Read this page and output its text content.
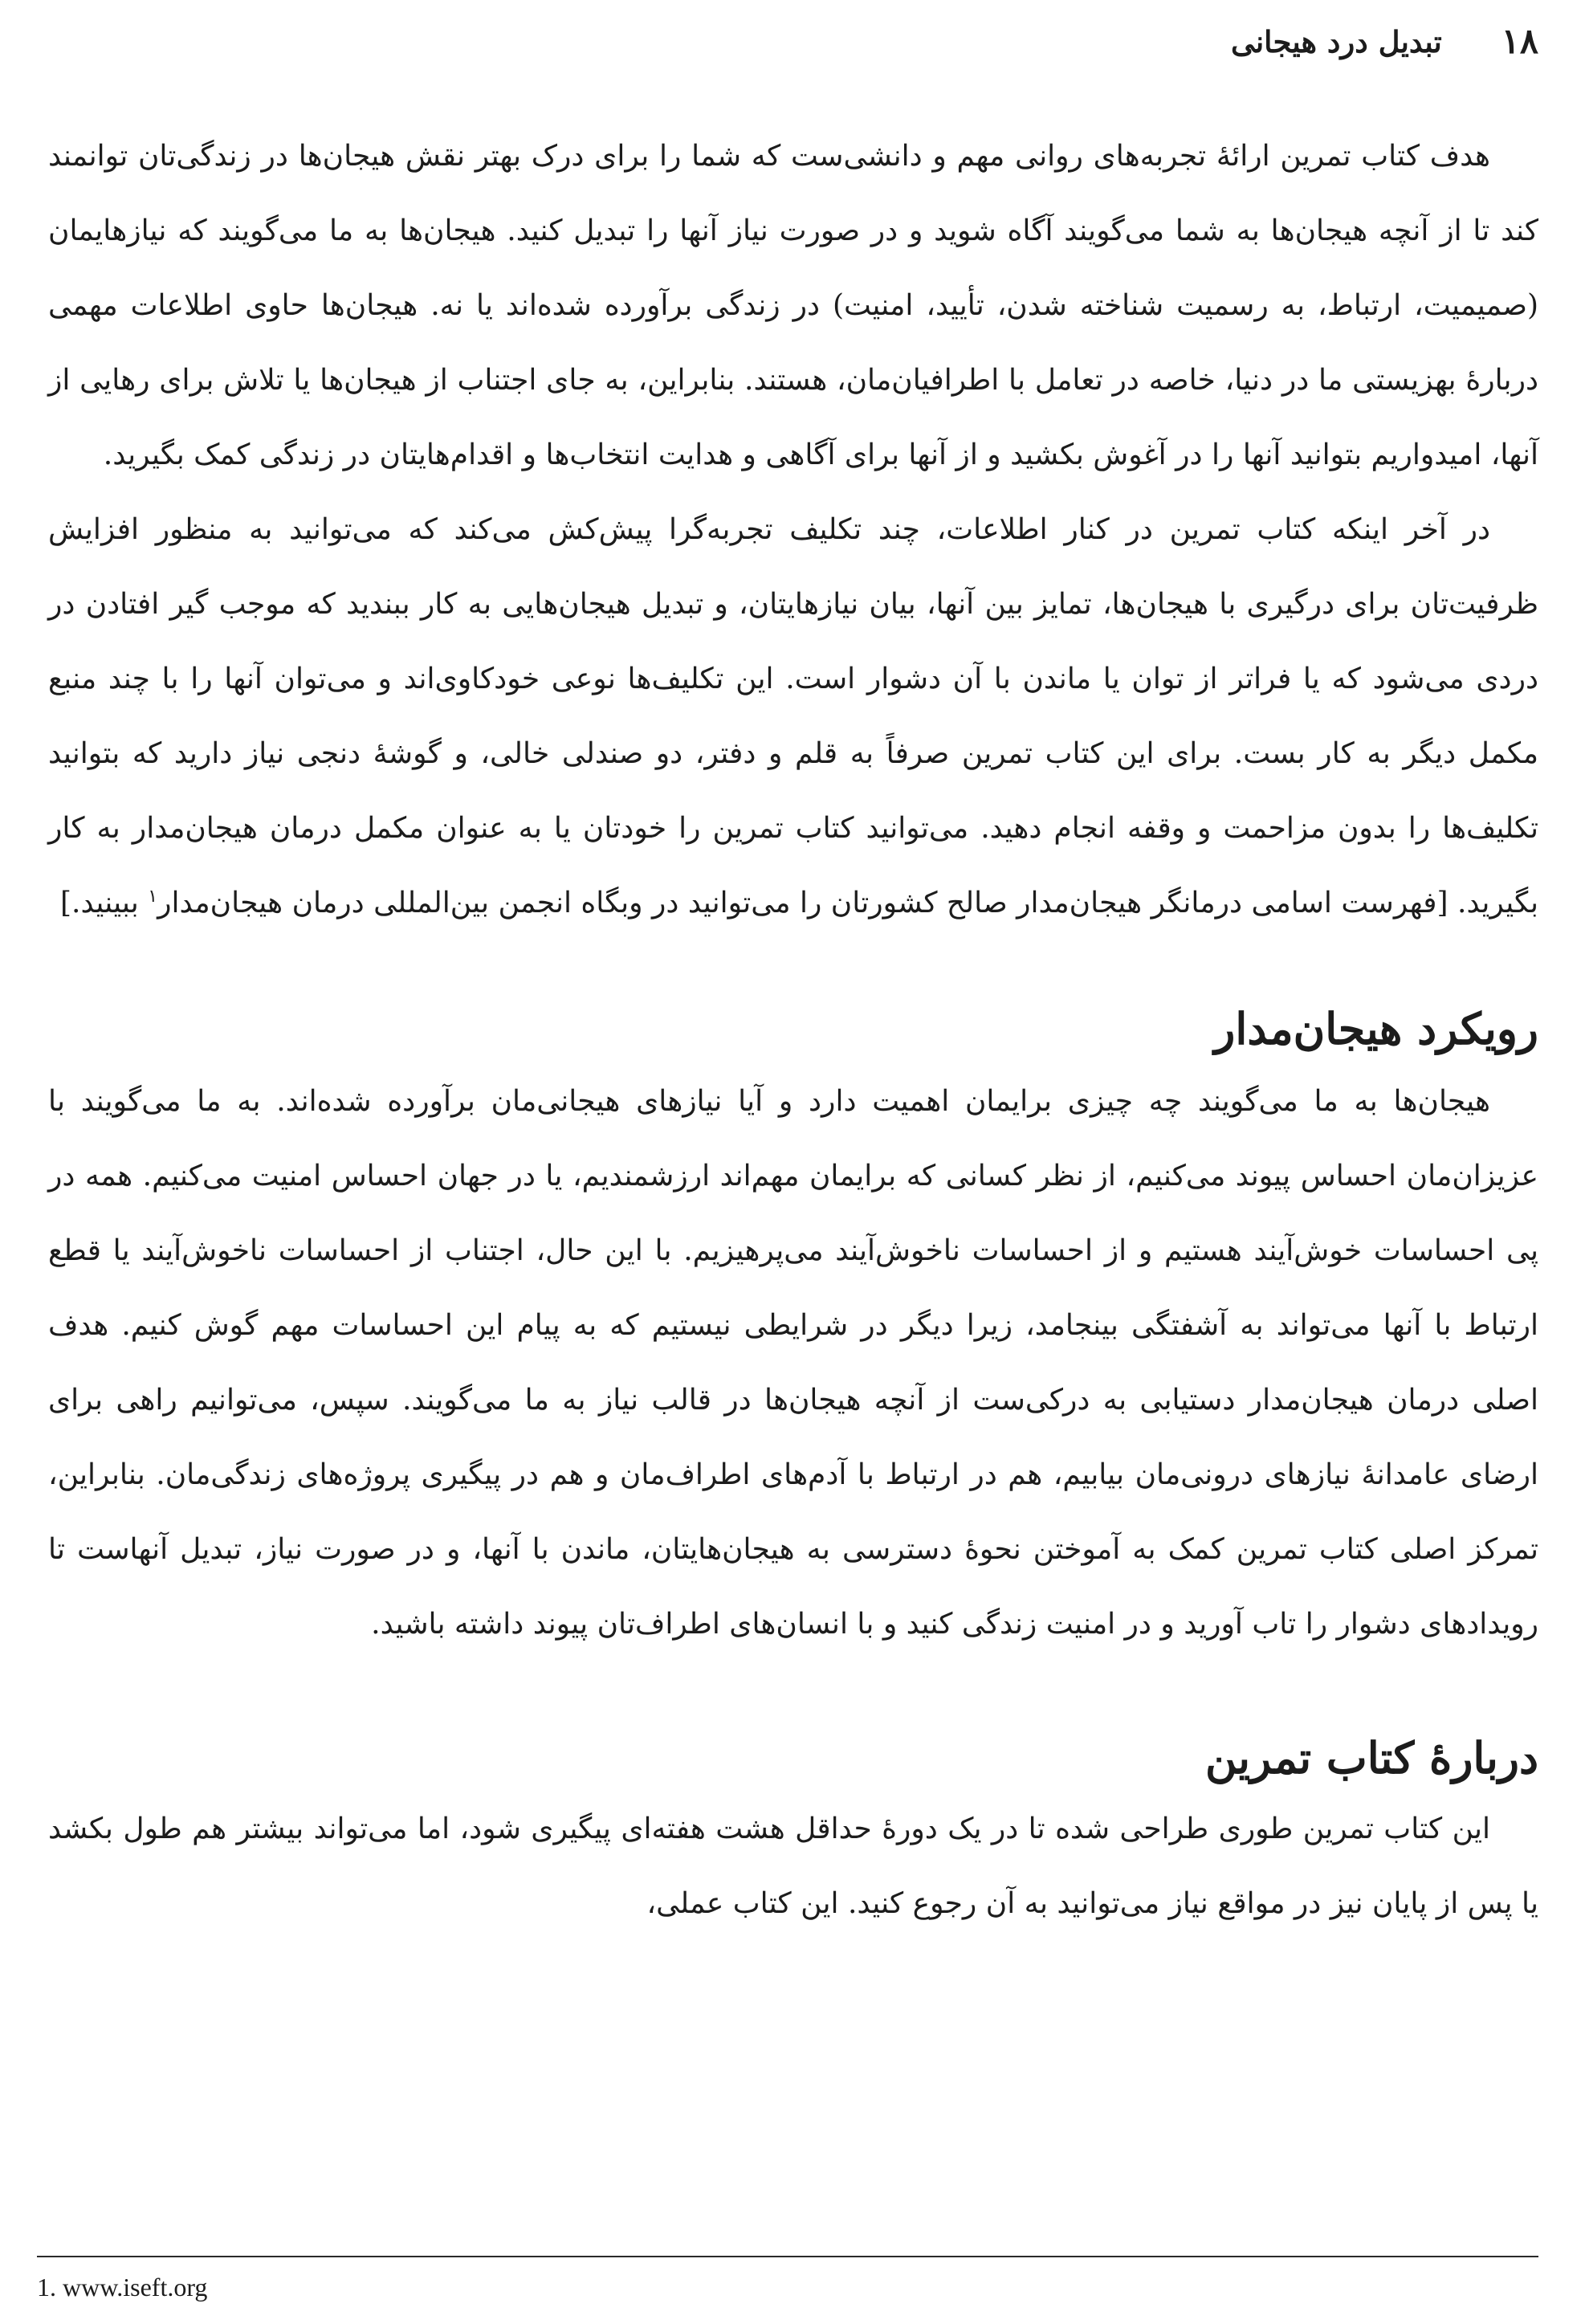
تبدیل درد هیجانی ۱۸

هدف کتاب تمرین ارائۀ تجربه‌های روانی مهم و دانشی‌ست که شما را برای درک بهتر نقش هیجان‌ها در زندگی‌تان توانمند کند تا از آنچه هیجان‌ها به شما می‌گویند آگاه شوید و در صورت نیاز آنها را تبدیل کنید. هیجان‌ها به ما می‌گویند که نیازهایمان (صمیمیت، ارتباط، به رسمیت شناخته شدن، تأیید، امنیت) در زندگی برآورده شده‌اند یا نه. هیجان‌ها حاوی اطلاعات مهمی دربارۀ بهزیستی ما در دنیا، خاصه در تعامل با اطرافیان‌مان، هستند. بنابراین، به جای اجتناب از هیجان‌ها یا تلاش برای رهایی از آنها، امیدواریم بتوانید آنها را در آغوش بکشید و از آنها برای آگاهی و هدایت انتخاب‌ها و اقدام‌هایتان در زندگی کمک بگیرید.

در آخر اینکه کتاب تمرین در کنار اطلاعات، چند تکلیف تجربه‌گرا پیش‌کش می‌کند که می‌توانید به منظور افزایش ظرفیت‌تان برای درگیری با هیجان‌ها، تمایز بین آنها، بیان نیازهایتان، و تبدیل هیجان‌هایی به کار ببندید که موجب گیر افتادن در دردی می‌شود که یا فراتر از توان یا ماندن با آن دشوار است. این تکلیف‌ها نوعی خودکاوی‌اند و می‌توان آنها را با چند منبع مکمل دیگر به کار بست. برای این کتاب تمرین صرفاً به قلم و دفتر، دو صندلی خالی، و گوشۀ دنجی نیاز دارید که بتوانید تکلیف‌ها را بدون مزاحمت و وقفه انجام دهید. می‌توانید کتاب تمرین را خودتان یا به عنوان مکمل درمان هیجان‌مدار به کار بگیرید. [فهرست اسامی درمانگر هیجان‌مدار صالح کشورتان را می‌توانید در وبگاه انجمن بین‌المللی درمان هیجان‌مدار$^۱$ ببینید.]

رویکرد هیجان‌مدار

هیجان‌ها به ما می‌گویند چه چیزی برایمان اهمیت دارد و آیا نیازهای هیجانی‌مان برآورده شده‌اند. به ما می‌گویند با عزیزان‌مان احساس پیوند می‌کنیم، از نظر کسانی که برایمان مهم‌اند ارزشمندیم، یا در جهان احساس امنیت می‌کنیم. همه در پی احساسات خوش‌آیند هستیم و از احساسات ناخوش‌آیند می‌پرهیزیم. با این حال، اجتناب از احساسات ناخوش‌آیند یا قطع ارتباط با آنها می‌تواند به آشفتگی بینجامد، زیرا دیگر در شرایطی نیستیم که به پیام این احساسات مهم گوش کنیم. هدف اصلی درمان هیجان‌مدار دستیابی به درکی‌ست از آنچه هیجان‌ها در قالب نیاز به ما می‌گویند. سپس، می‌توانیم راهی برای ارضای عامدانۀ نیازهای درونی‌مان بیابیم، هم در ارتباط با آدم‌های اطراف‌مان و هم در پیگیری پروژه‌های زندگی‌مان. بنابراین، تمرکز اصلی کتاب تمرین کمک به آموختن نحوۀ دسترسی به هیجان‌هایتان، ماندن با آنها، و در صورت نیاز، تبدیل آنهاست تا رویدادهای دشوار را تاب آورید و در امنیت زندگی کنید و با انسان‌های اطراف‌تان پیوند داشته باشید.

دربارۀ کتاب تمرین

این کتاب تمرین طوری طراحی شده تا در یک دورۀ حداقل هشت هفته‌ای پیگیری شود، اما می‌تواند بیشتر هم طول بکشد یا پس از پایان نیز در مواقع نیاز می‌توانید به آن رجوع کنید. این کتاب عملی،

1. www.iseft.org
